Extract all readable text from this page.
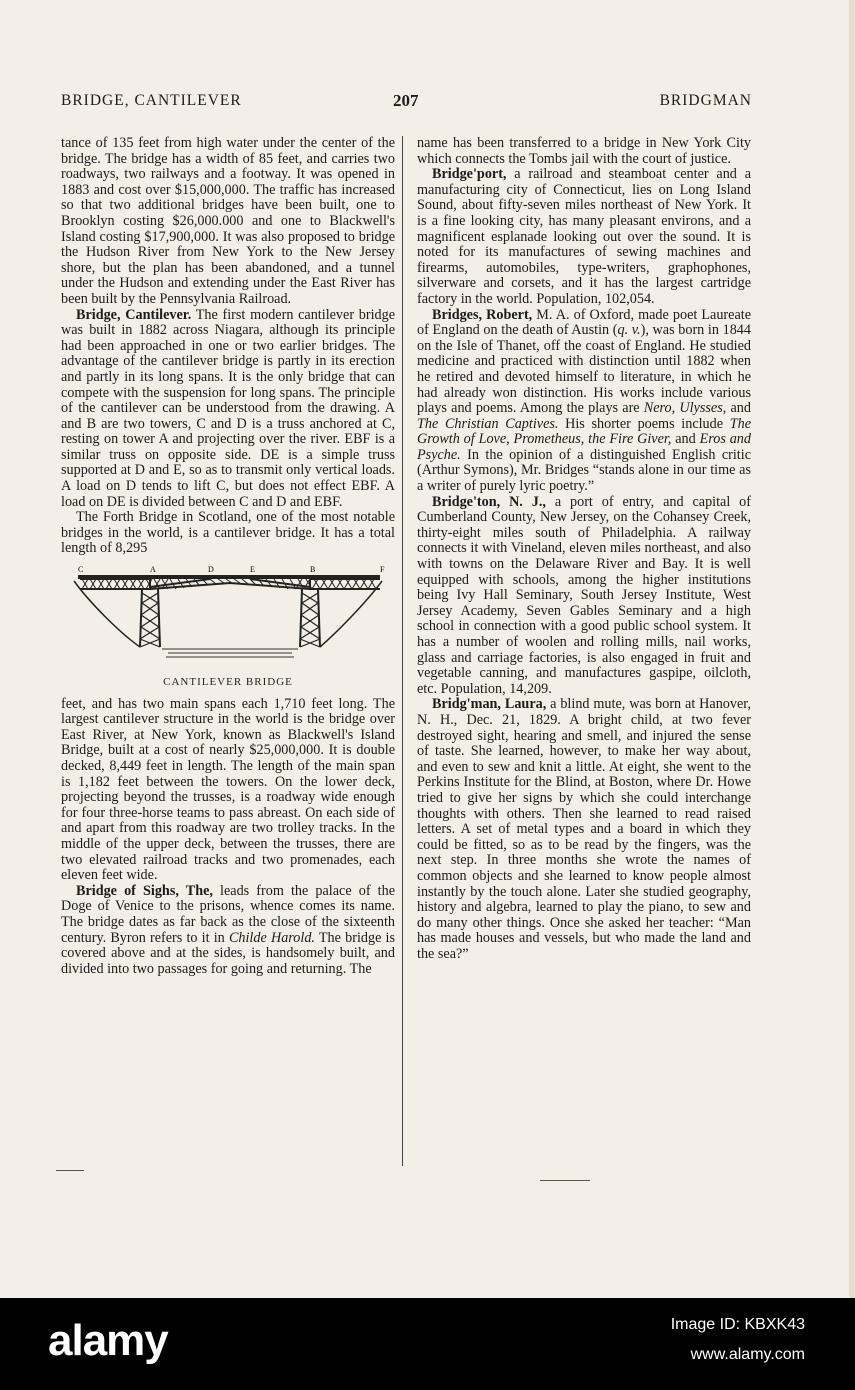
BRIDGE, CANTILEVER	207	BRIDGMAN

tance of 135 feet from high water under the center of the bridge. The bridge has a width of 85 feet, and carries two roadways, two railways and a footway. It was opened in 1883 and cost over $15,000,000. The traffic has increased so that two additional bridges have been built, one to Brooklyn costing $26,000.000 and one to Blackwell's Island costing $17,900,000. It was also proposed to bridge the Hudson River from New York to the New Jersey shore, but the plan has been abandoned, and a tunnel under the Hudson and extending under the East River has been built by the Pennsylvania Railroad.

Bridge, Cantilever. The first modern cantilever bridge was built in 1882 across Niagara, although its principle had been approached in one or two earlier bridges. The advantage of the cantilever bridge is partly in its erection and partly in its long spans. It is the only bridge that can compete with the suspension for long spans. The principle of the cantilever can be understood from the drawing. A and B are two towers, C and D is a truss anchored at C, resting on tower A and projecting over the river. EBF is a similar truss on opposite side. DE is a simple truss supported at D and E, so as to transmit only vertical loads. A load on D tends to lift C, but does not effect EBF. A load on DE is divided between C and D and EBF.

The Forth Bridge in Scotland, one of the most notable bridges in the world, is a cantilever bridge. It has a total length of 8,295

C	A	D	E	B	F
CANTILEVER BRIDGE

feet, and has two main spans each 1,710 feet long. The largest cantilever structure in the world is the bridge over East River, at New York, known as Blackwell's Island Bridge, built at a cost of nearly $25,000,000. It is double decked, 8,449 feet in length. The length of the main span is 1,182 feet between the towers. On the lower deck, projecting beyond the trusses, is a roadway wide enough for four three-horse teams to pass abreast. On each side of and apart from this roadway are two trolley tracks. In the middle of the upper deck, between the trusses, there are two elevated railroad tracks and two promenades, each eleven feet wide.

Bridge of Sighs, The, leads from the palace of the Doge of Venice to the prisons, whence comes its name. The bridge dates as far back as the close of the sixteenth century. Byron refers to it in Childe Harold. The bridge is covered above and at the sides, is handsomely built, and divided into two passages for going and returning. The

name has been transferred to a bridge in New York City which connects the Tombs jail with the court of justice.

Bridge'port, a railroad and steamboat center and a manufacturing city of Connecticut, lies on Long Island Sound, about fifty-seven miles northeast of New York. It is a fine looking city, has many pleasant environs, and a magnificent esplanade looking out over the sound. It is noted for its manufactures of sewing machines and firearms, automobiles, type-writers, graphophones, silverware and corsets, and it has the largest cartridge factory in the world. Population, 102,054.

Bridges, Robert, M. A. of Oxford, made poet Laureate of England on the death of Austin (q. v.), was born in 1844 on the Isle of Thanet, off the coast of England. He studied medicine and practiced with distinction until 1882 when he retired and devoted himself to literature, in which he had already won distinction. His works include various plays and poems. Among the plays are Nero, Ulysses, and The Christian Captives. His shorter poems include The Growth of Love, Prometheus, the Fire Giver, and Eros and Psyche. In the opinion of a distinguished English critic (Arthur Symons), Mr. Bridges “stands alone in our time as a writer of purely lyric poetry.”

Bridge'ton, N. J., a port of entry, and capital of Cumberland County, New Jersey, on the Cohansey Creek, thirty-eight miles south of Philadelphia. A railway connects it with Vineland, eleven miles northeast, and also with towns on the Delaware River and Bay. It is well equipped with schools, among the higher institutions being Ivy Hall Seminary, South Jersey Institute, West Jersey Academy, Seven Gables Seminary and a high school in connection with a good public school system. It has a number of woolen and rolling mills, nail works, glass and carriage factories, is also engaged in fruit and vegetable canning, and manufactures gaspipe, oilcloth, etc. Population, 14,209.

Bridg'man, Laura, a blind mute, was born at Hanover, N. H., Dec. 21, 1829. A bright child, at two fever destroyed sight, hearing and smell, and injured the sense of taste. She learned, however, to make her way about, and even to sew and knit a little. At eight, she went to the Perkins Institute for the Blind, at Boston, where Dr. Howe tried to give her signs by which she could interchange thoughts with others. Then she learned to read raised letters. A set of metal types and a board in which they could be fitted, so as to be read by the fingers, was the next step. In three months she wrote the names of common objects and she learned to know people almost instantly by the touch alone. Later she studied geography, history and algebra, learned to play the piano, to sew and do many other things. Once she asked her teacher: “Man has made houses and vessels, but who made the land and the sea?”

alamy	Image ID: KBXK43
www.alamy.com
